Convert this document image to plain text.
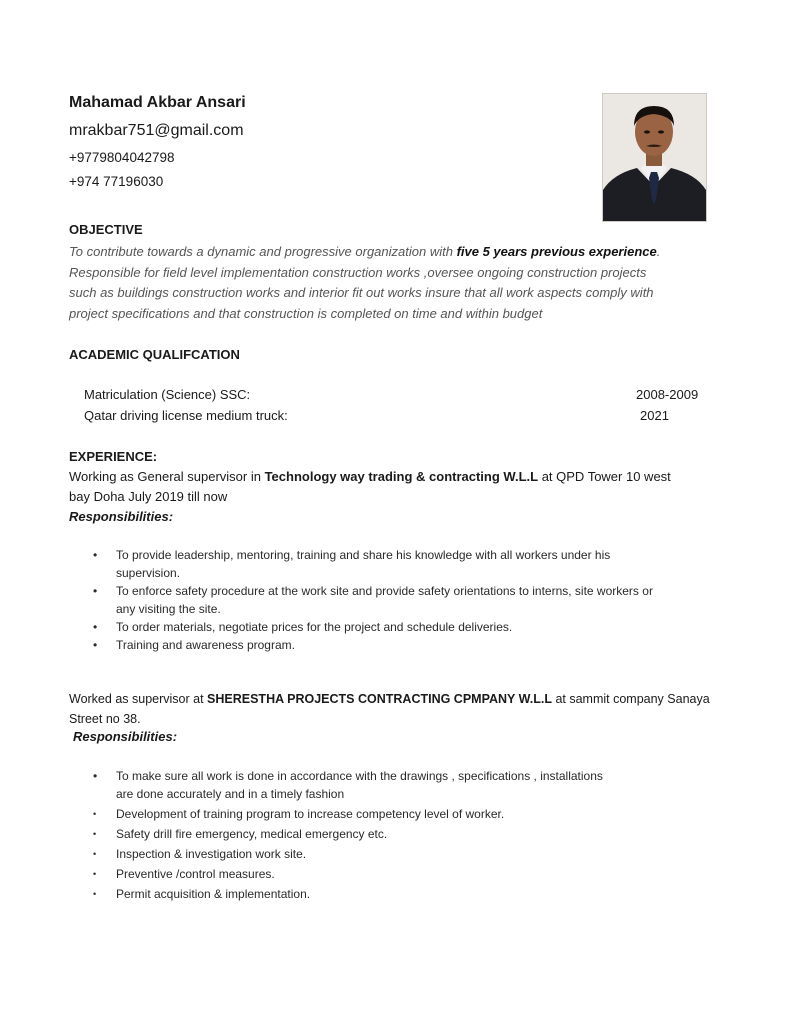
Mahamad Akbar Ansari
mrakbar751@gmail.com
+9779804042798
+974 77196030
OBJECTIVE
To contribute towards a dynamic and progressive organization with five 5 years previous experience.
Responsible for field level implementation construction works ,oversee ongoing construction projects
such as buildings construction works and interior fit out works insure that all work aspects comply with
project specifications and that construction is completed on time and within budget
ACADEMIC QUALIFCATION
Matriculation (Science) SSC:	2008-2009
Qatar driving license medium truck:	2021
EXPERIENCE:
Working as General supervisor in Technology way trading & contracting W.L.L at QPD Tower 10 west
bay Doha July 2019 till now
Responsibilities:
• To provide leadership, mentoring, training and share his knowledge with all workers under his
supervision.
• To enforce safety procedure at the work site and provide safety orientations to interns, site workers or
any visiting the site.
• To order materials, negotiate prices for the project and schedule deliveries.
• Training and awareness program.
Worked as supervisor at SHERESTHA PROJECTS CONTRACTING CPMPANY W.L.L at sammit company Sanaya
Street no 38.
Responsibilities:
• To make sure all work is done in accordance with the drawings , specifications , installations
are done accurately and in a timely fashion
• Development of training program to increase competency level of worker.
• Safety drill fire emergency, medical emergency etc.
• Inspection & investigation work site.
• Preventive /control measures.
• Permit acquisition & implementation.
